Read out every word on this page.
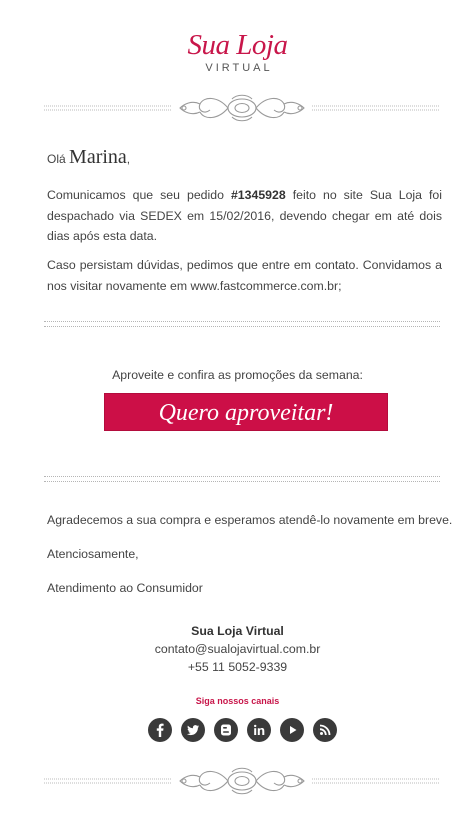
Sua Loja
VIRTUAL
Olá Marina,

Comunicamos que seu pedido #1345928 feito no site Sua Loja foi despachado via SEDEX em 15/02/2016, devendo chegar em até dois dias após esta data.

Caso persistam dúvidas, pedimos que entre em contato. Convidamos a nos visitar novamente em www.fastcommerce.com.br;

Aproveite e confira as promoções da semana:
Quero aproveitar!
Agradecemos a sua compra e esperamos atendê-lo novamente em breve.
Atenciosamente,
Atendimento ao Consumidor
Sua Loja Virtual
contato@sualojavirtual.com.br
+55 11 5052-9339
Siga nossos canais
